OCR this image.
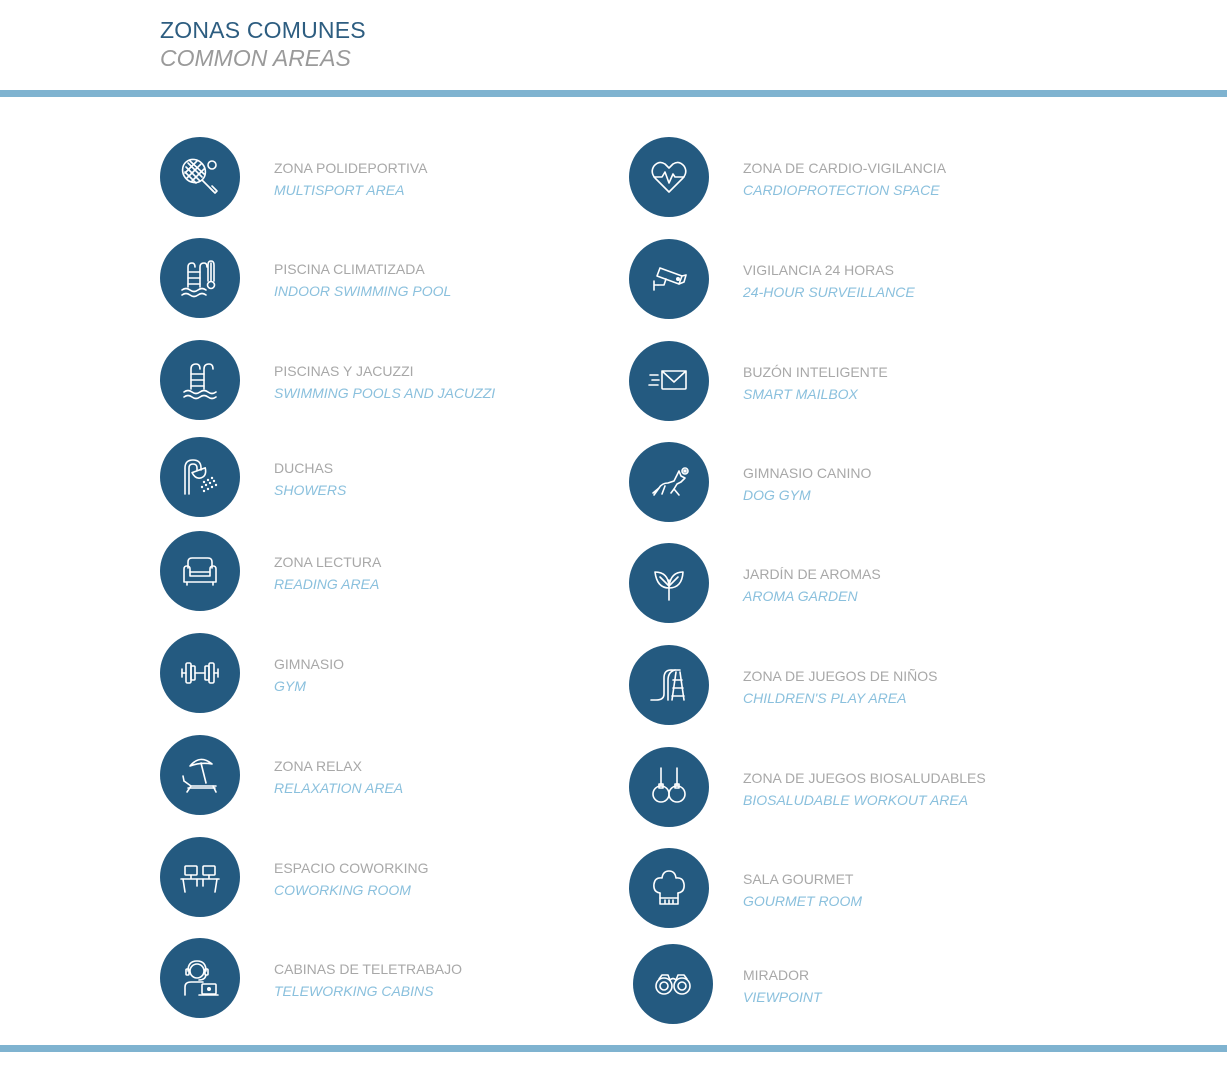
ZONAS COMUNES
COMMON AREAS
ZONA POLIDEPORTIVA
MULTISPORT AREA
PISCINA CLIMATIZADA
INDOOR SWIMMING POOL
PISCINAS Y JACUZZI
SWIMMING POOLS AND JACUZZI
DUCHAS
SHOWERS
ZONA LECTURA
READING AREA
GIMNASIO
GYM
ZONA RELAX
RELAXATION AREA
ESPACIO COWORKING
COWORKING ROOM
CABINAS DE TELETRABAJO
TELEWORKING CABINS
ZONA DE CARDIO-VIGILANCIA
CARDIOPROTECTION SPACE
VIGILANCIA 24 HORAS
24-HOUR SURVEILLANCE
BUZÓN INTELIGENTE
SMART MAILBOX
GIMNASIO CANINO
DOG GYM
JARDÍN DE AROMAS
AROMA GARDEN
ZONA DE JUEGOS DE NIÑOS
CHILDREN'S PLAY AREA
ZONA DE JUEGOS BIOSALUDABLES
BIOSALUDABLE WORKOUT AREA
SALA GOURMET
GOURMET ROOM
MIRADOR
VIEWPOINT
